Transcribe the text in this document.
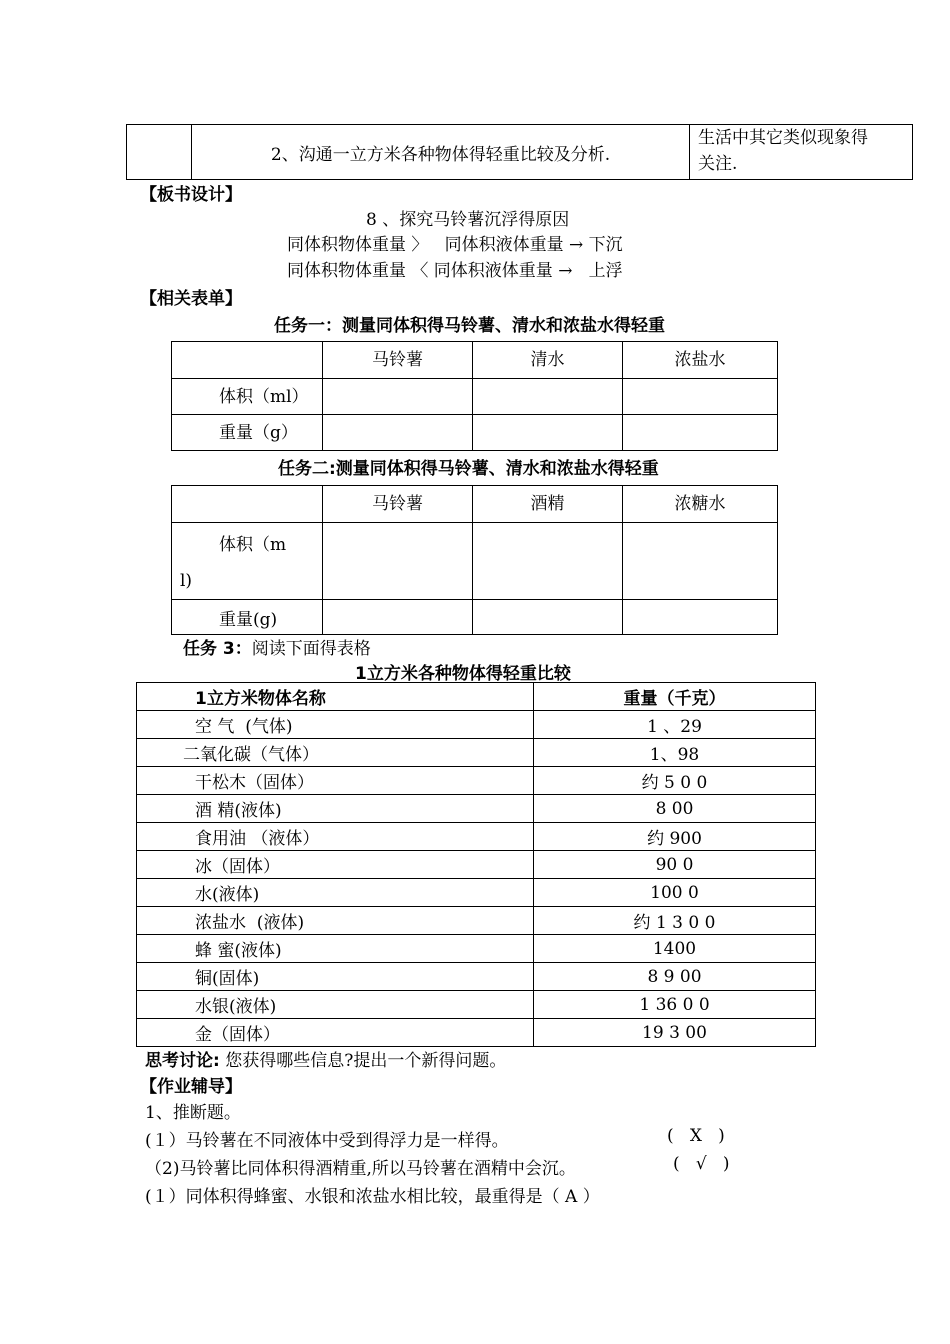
	2、沟通一立方米各种物体得轻重比较及分析.	
生活中其它类似现象得
关注.
【板书设计】
8 、探究马铃薯沉浮得原因
同体积物体重量 〉   同体积液体重量 → 下沉
同体积物体重量 〈 同体积液体重量 →   上浮
【相关表单】
任务一：测量同体积得马铃薯、清水和浓盐水得轻重
	马铃薯	清水	浓盐水
体积（ml）			
重量（g）			
任务二:测量同体积得马铃薯、清水和浓盐水得轻重
	马铃薯	酒精	浓糖水

体积（m
l)			

重量(g)			
任务 3：阅读下面得表格
1立方米各种物体得轻重比较
1立方米物体名称	重量（千克）
空 气  (气体)	1 、29
二氧化碳（气体）	1、98
干松木（固体）	约 5 0 0
酒 精(液体)	8 00
食用油 （液体）	约 900
冰（固体）	90 0
水(液体)	100 0
浓盐水  (液体)	约 1 3 0 0
蜂 蜜(液体)	1400
铜(固体)	8 9 00
水银(液体)	1 36 0 0
金（固体）	19 3 00
思考讨论: 您获得哪些信息?提出一个新得问题。
【作业辅导】
1、推断题。
(１）马铃薯在不同液体中受到得浮力是一样得。	(   X   )
（2)马铃薯比同体积得酒精重,所以马铃薯在酒精中会沉。	(   √   )
(１）同体积得蜂蜜、水银和浓盐水相比较，最重得是（ A ）
